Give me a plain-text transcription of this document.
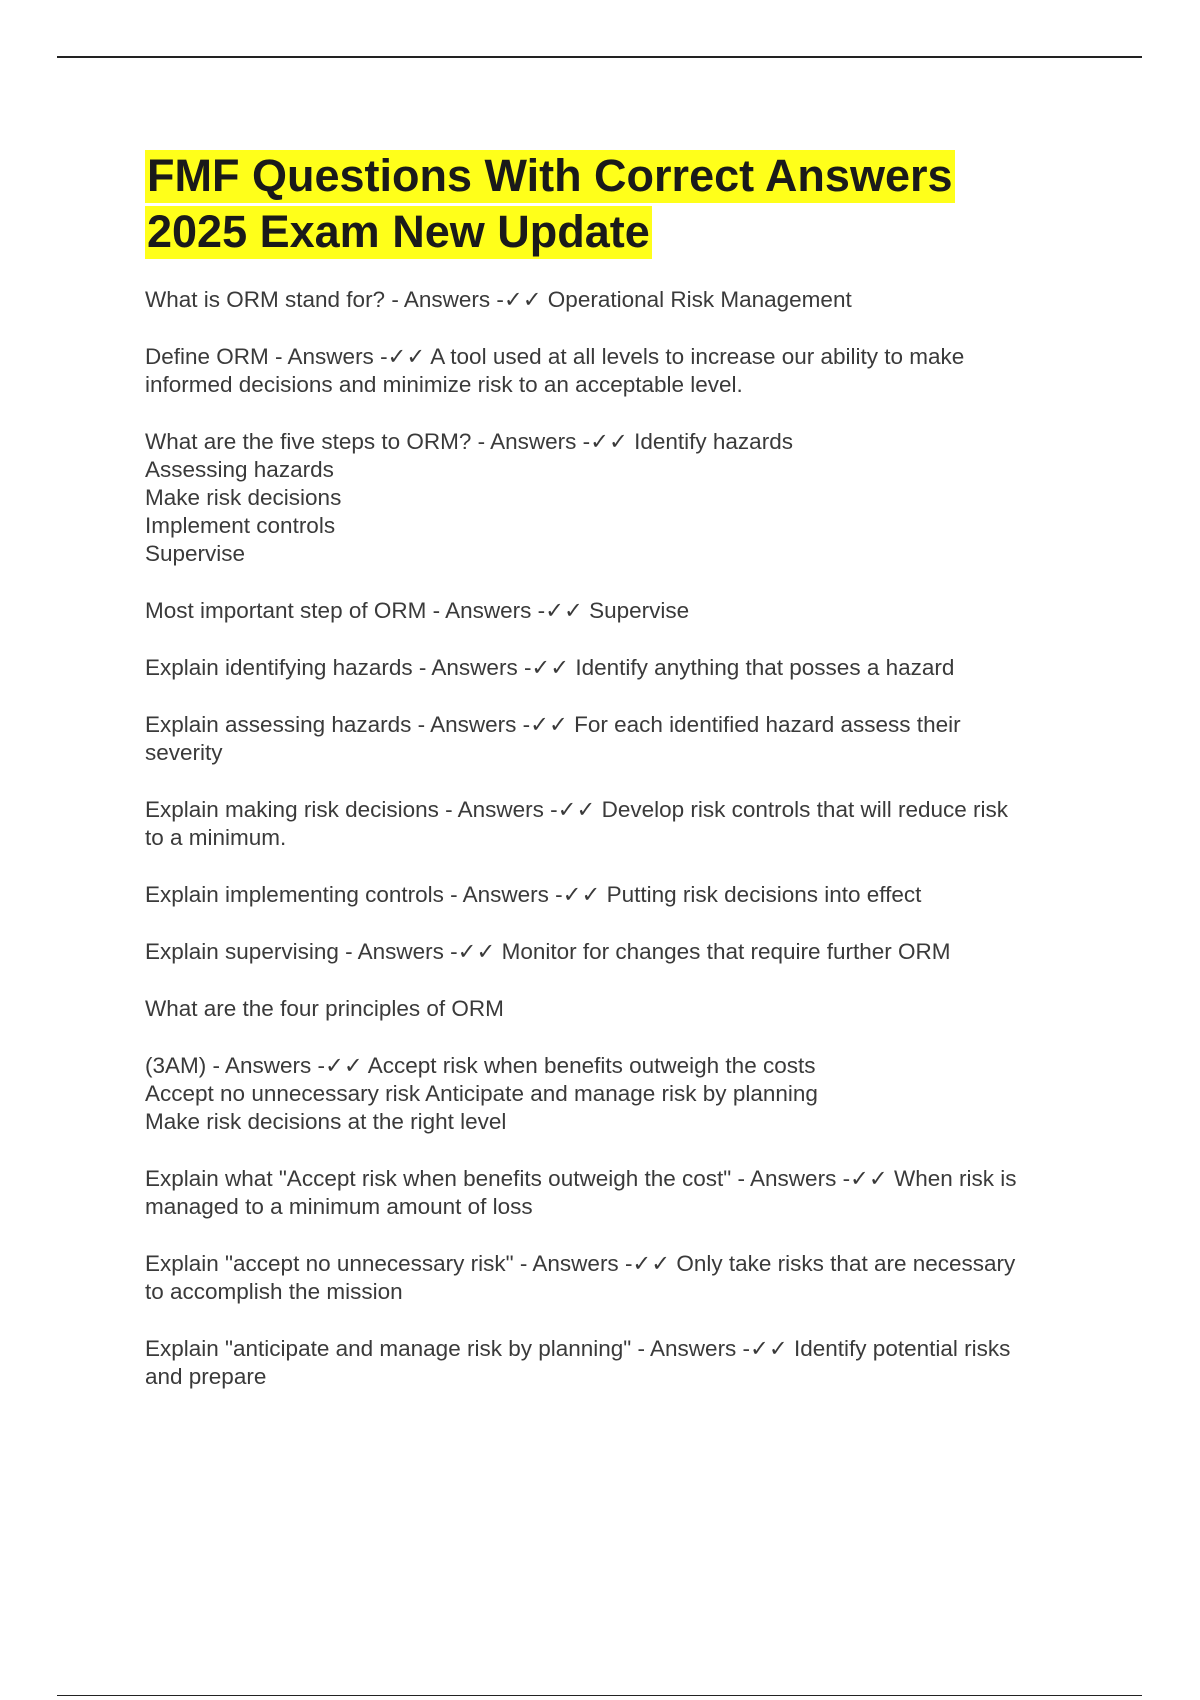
FMF Questions With Correct Answers
2025 Exam New Update
What is ORM stand for? - Answers -✓✓ Operational Risk Management
Define ORM - Answers -✓✓ A tool used at all levels to increase our ability to make
informed decisions and minimize risk to an acceptable level.
What are the five steps to ORM? - Answers -✓✓ Identify hazards
Assessing hazards
Make risk decisions
Implement controls
Supervise
Most important step of ORM - Answers -✓✓ Supervise
Explain identifying hazards - Answers -✓✓ Identify anything that posses a hazard
Explain assessing hazards - Answers -✓✓ For each identified hazard assess their
severity
Explain making risk decisions - Answers -✓✓ Develop risk controls that will reduce risk
to a minimum.
Explain implementing controls - Answers -✓✓ Putting risk decisions into effect
Explain supervising - Answers -✓✓ Monitor for changes that require further ORM
What are the four principles of ORM
(3AM) - Answers -✓✓ Accept risk when benefits outweigh the costs
Accept no unnecessary risk Anticipate and manage risk by planning
Make risk decisions at the right level
Explain what "Accept risk when benefits outweigh the cost" - Answers -✓✓ When risk is
managed to a minimum amount of loss
Explain "accept no unnecessary risk" - Answers -✓✓ Only take risks that are necessary
to accomplish the mission
Explain "anticipate and manage risk by planning" - Answers -✓✓ Identify potential risks
and prepare
